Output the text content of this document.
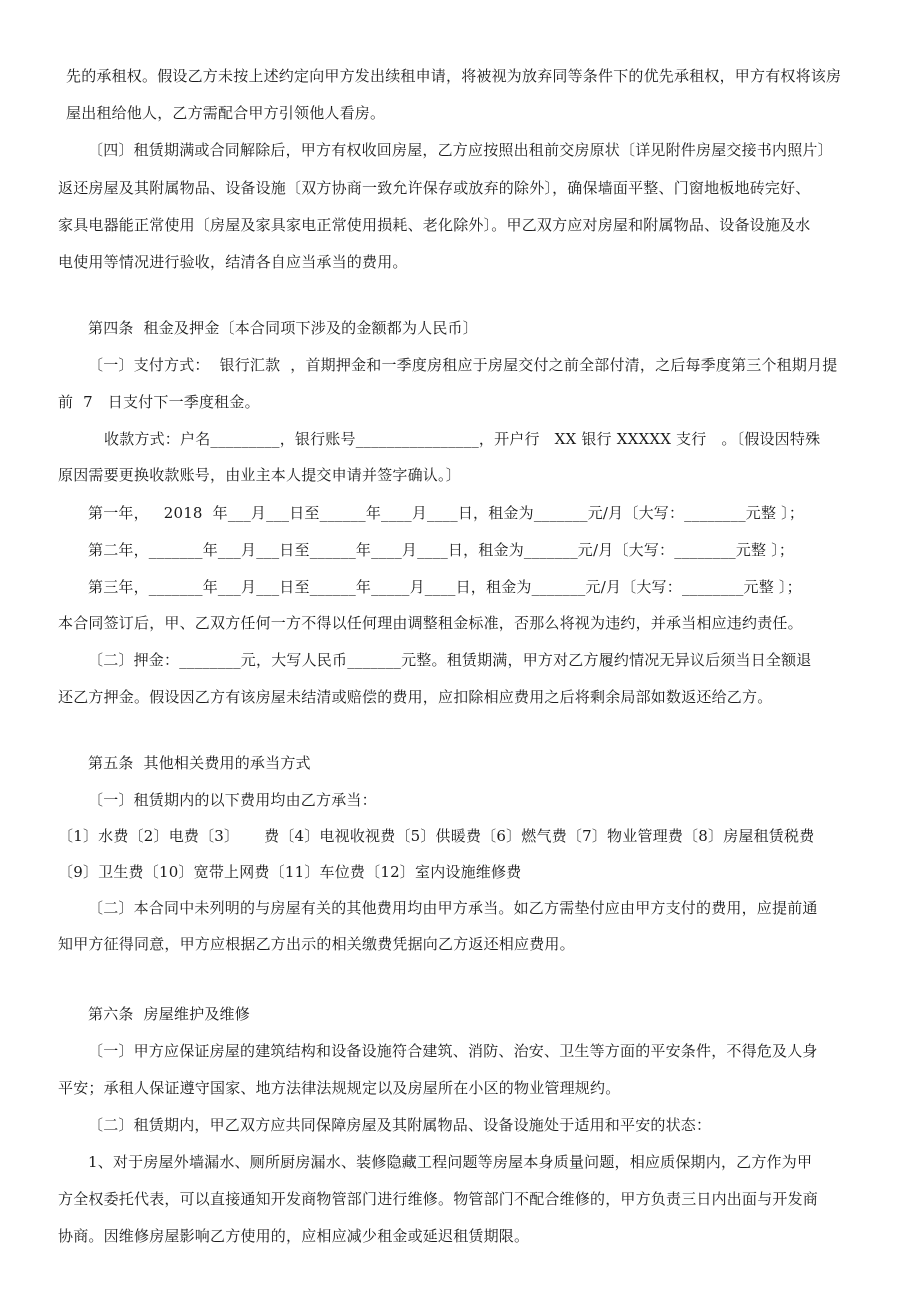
先的承租权。假设乙方未按上述约定向甲方发出续租申请，将被视为放弃同等条件下的优先承租权，甲方有权将该房
屋出租给他人，乙方需配合甲方引领他人看房。
〔四〕租赁期满或合同解除后，甲方有权收回房屋，乙方应按照出租前交房原状〔详见附件房屋交接书内照片〕
返还房屋及其附属物品、设备设施〔双方协商一致允许保存或放弃的除外〕，确保墙面平整、门窗地板地砖完好、
家具电器能正常使用〔房屋及家具家电正常使用损耗、老化除外〕。甲乙双方应对房屋和附属物品、设备设施及水
电使用等情况进行验收，结清各自应当承当的费用。
第四条  租金及押金〔本合同项下涉及的金额都为人民币〕
〔一〕支付方式：  银行汇款  ，首期押金和一季度房租应于房屋交付之前全部付清，之后每季度第三个租期月提
前  7   日支付下一季度租金。
收款方式：户名_________，银行账号________________，开户行   XX 银行 XXXXX 支行   。〔假设因特殊
原因需要更换收款账号，由业主本人提交申请并签字确认。〕
第一年，   2018  年___月___日至______年____月____日，租金为_______元/月〔大写：________元整 〕；
第二年，_______年___月___日至______年____月____日，租金为_______元/月〔大写：________元整 〕；
第三年，_______年___月___日至______年_____月____日，租金为_______元/月〔大写：________元整 〕；
本合同签订后，甲、乙双方任何一方不得以任何理由调整租金标准，否那么将视为违约，并承当相应违约责任。
〔二〕押金：________元，大写人民币_______元整。租赁期满，甲方对乙方履约情况无异议后须当日全额退
还乙方押金。假设因乙方有该房屋未结清或赔偿的费用，应扣除相应费用之后将剩余局部如数返还给乙方。
第五条  其他相关费用的承当方式
〔一〕租赁期内的以下费用均由乙方承当：
〔1〕水费〔2〕电费〔3〕     费〔4〕电视收视费〔5〕供暖费〔6〕燃气费〔7〕物业管理费〔8〕房屋租赁税费
〔9〕卫生费〔10〕宽带上网费〔11〕车位费〔12〕室内设施维修费
〔二〕本合同中未列明的与房屋有关的其他费用均由甲方承当。如乙方需垫付应由甲方支付的费用，应提前通
知甲方征得同意，甲方应根据乙方出示的相关缴费凭据向乙方返还相应费用。
第六条  房屋维护及维修
〔一〕甲方应保证房屋的建筑结构和设备设施符合建筑、消防、治安、卫生等方面的平安条件，不得危及人身
平安；承租人保证遵守国家、地方法律法规规定以及房屋所在小区的物业管理规约。
〔二〕租赁期内，甲乙双方应共同保障房屋及其附属物品、设备设施处于适用和平安的状态：
1、对于房屋外墙漏水、厕所厨房漏水、装修隐藏工程问题等房屋本身质量问题，相应质保期内，乙方作为甲
方全权委托代表，可以直接通知开发商物管部门进行维修。物管部门不配合维修的，甲方负责三日内出面与开发商
协商。因维修房屋影响乙方使用的，应相应减少租金或延迟租赁期限。
